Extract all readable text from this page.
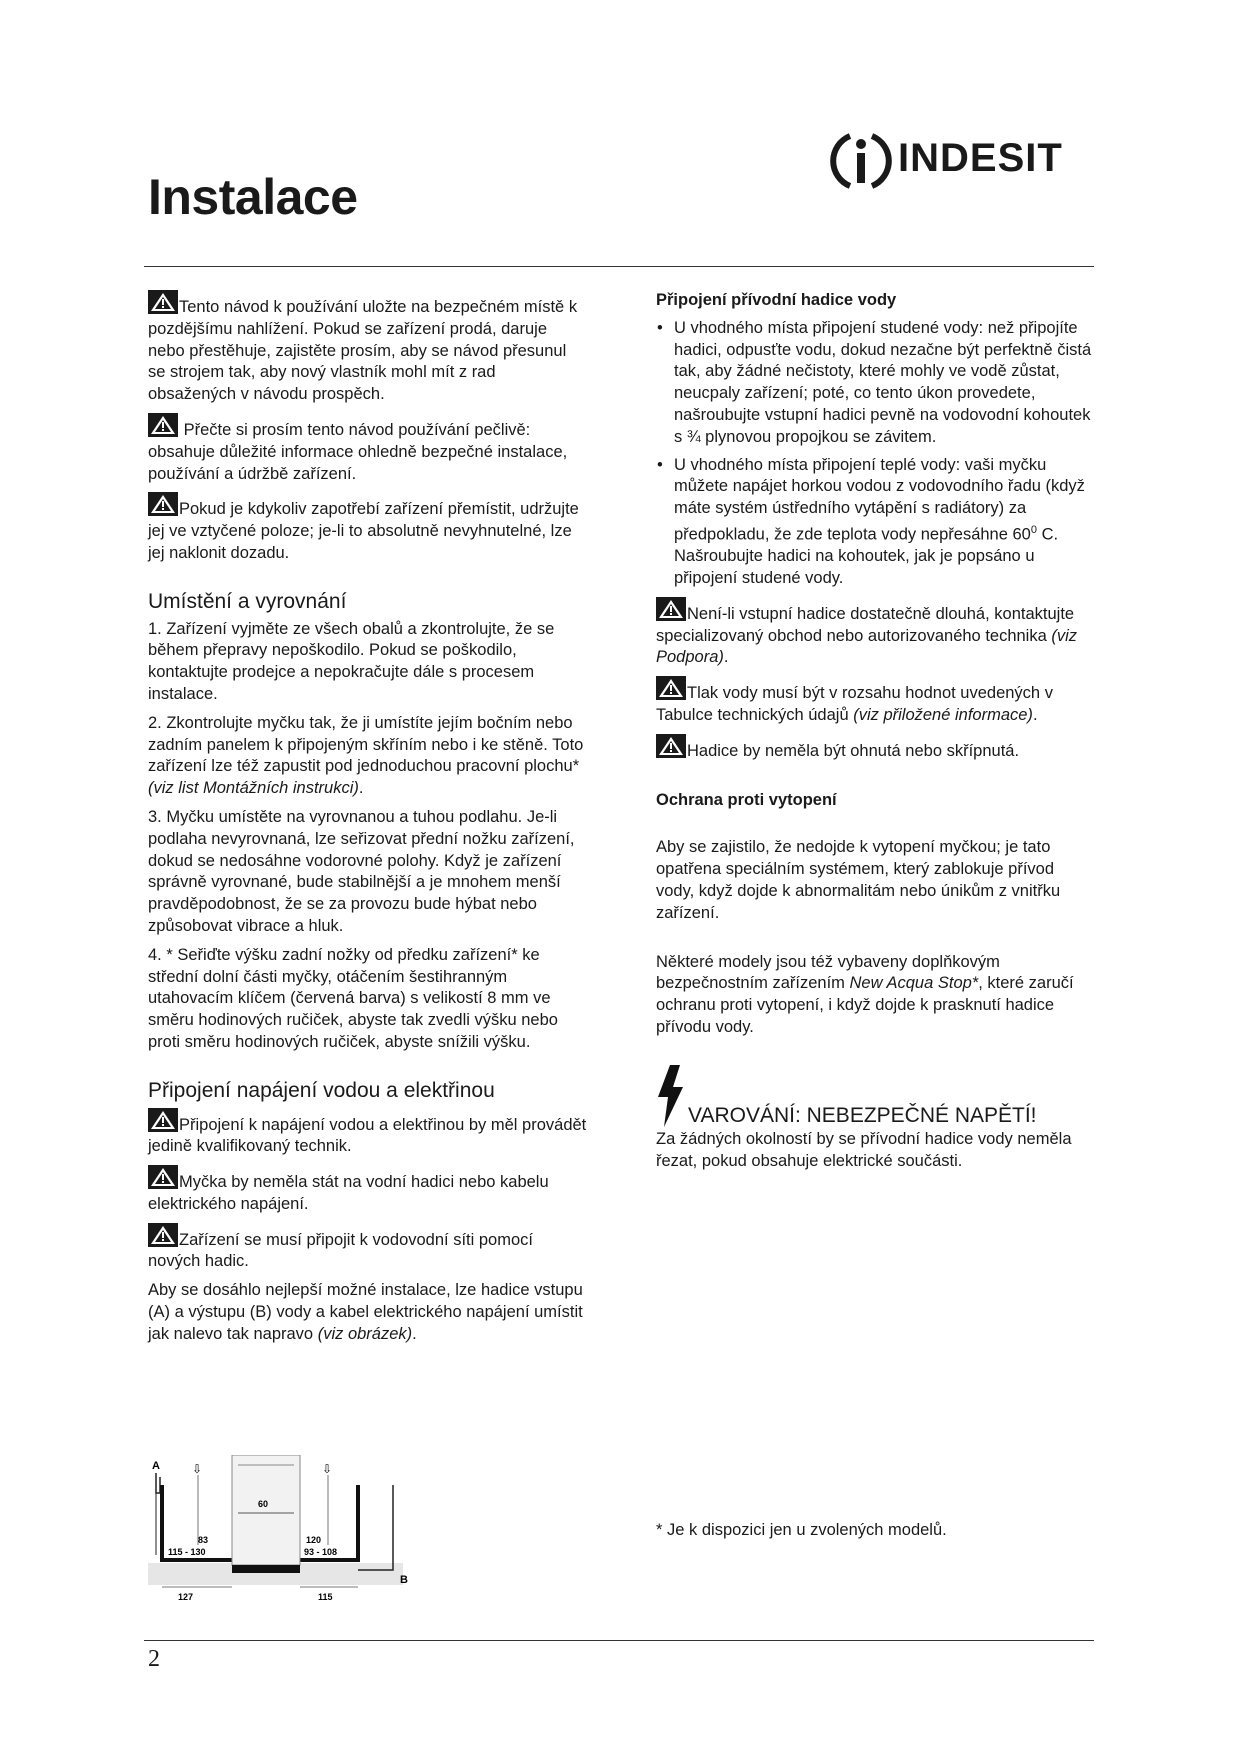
Instalace
INDESIT

Tento návod k používání uložte na bezpečném místě k pozdějšímu nahlížení. Pokud se zařízení prodá, daruje nebo přestěhuje, zajistěte prosím, aby se návod přesunul se strojem tak, aby nový vlastník mohl mít z rad obsažených v návodu prospěch.

Přečte si prosím tento návod používání pečlivě: obsahuje důležité informace ohledně bezpečné instalace, používání a údržbě zařízení.

Pokud je kdykoliv zapotřebí zařízení přemístit, udržujte jej ve vztyčené poloze; je-li to absolutně nevyhnutelné, lze jej naklonit dozadu.

Umístění a vyrovnání

1. Zařízení vyjměte ze všech obalů a zkontrolujte, že se během přepravy nepoškodilo. Pokud se poškodilo, kontaktujte prodejce a nepokračujte dále s procesem instalace.

2. Zkontrolujte myčku tak, že ji umístíte jejím bočním nebo zadním panelem k připojeným skříním nebo i ke stěně. Toto zařízení lze též zapustit pod jednoduchou pracovní plochu* (viz list Montážních instrukci).

3. Myčku umístěte na vyrovnanou a tuhou podlahu. Je-li podlaha nevyrovnaná, lze seřizovat přední nožku zařízení, dokud se nedosáhne vodorovné polohy. Když je zařízení správně vyrovnané, bude stabilnější a je mnohem menší pravděpodobnost, že se za provozu bude hýbat nebo způsobovat vibrace a hluk.

4. * Seřiďte výšku zadní nožky od předku zařízení* ke střední dolní části myčky, otáčením šestihranným utahovacím klíčem (červená barva) s velikostí 8 mm ve směru hodinových ručiček, abyste tak zvedli výšku nebo proti směru hodinových ručiček, abyste snížili výšku.

Připojení napájení vodou a elektřinou

Připojení k napájení vodou a elektřinou by měl provádět jedině kvalifikovaný technik.

Myčka by neměla stát na vodní hadici nebo kabelu elektrického napájení.

Zařízení se musí připojit k vodovodní síti pomocí nových hadic.

Aby se dosáhlo nejlepší možné instalace, lze hadice vstupu (A) a výstupu (B) vody a kabel elektrického napájení umístit jak nalevo tak napravo (viz obrázek).

A
B
60
⇩	⇩
83	120
115 - 130	93 - 108
127	115
Připojení přívodní hadice vody
• U vhodného místa připojení studené vody: než připojíte hadici, odpusťte vodu, dokud nezačne být perfektně čistá tak, aby žádné nečistoty, které mohly ve vodě zůstat, neucpaly zařízení; poté, co tento úkon provedete, našroubujte vstupní hadici pevně na vodovodní kohoutek s ¾ plynovou propojkou se závitem.
• U vhodného místa připojení teplé vody: vaši myčku můžete napájet horkou vodou z vodovodního řadu (když máte systém ústředního vytápění s radiátory) za předpokladu, že zde teplota vody nepřesáhne $60^0$ C. Našroubujte hadici na kohoutek, jak je popsáno u připojení studené vody.

Není-li vstupní hadice dostatečně dlouhá, kontaktujte specializovaný obchod nebo autorizovaného technika (viz Podpora).

Tlak vody musí být v rozsahu hodnot uvedených v Tabulce technických údajů (viz přiložené informace).

Hadice by neměla být ohnutá nebo skřípnutá.

Ochrana proti vytopení

Aby se zajistilo, že nedojde k vytopení myčkou; je tato opatřena speciálním systémem, který zablokuje přívod vody, když dojde k abnormalitám nebo únikům z vnitřku zařízení.

Některé modely jsou též vybaveny doplňkovým bezpečnostním zařízením New Acqua Stop*, které zaručí ochranu proti vytopení, i když dojde k prasknutí hadice přívodu vody.

VAROVÁNÍ: NEBEZPEČNÉ NAPĚTÍ!

Za žádných okolností by se přívodní hadice vody neměla řezat, pokud obsahuje elektrické součásti.

* Je k dispozici jen u zvolených modelů.

2
